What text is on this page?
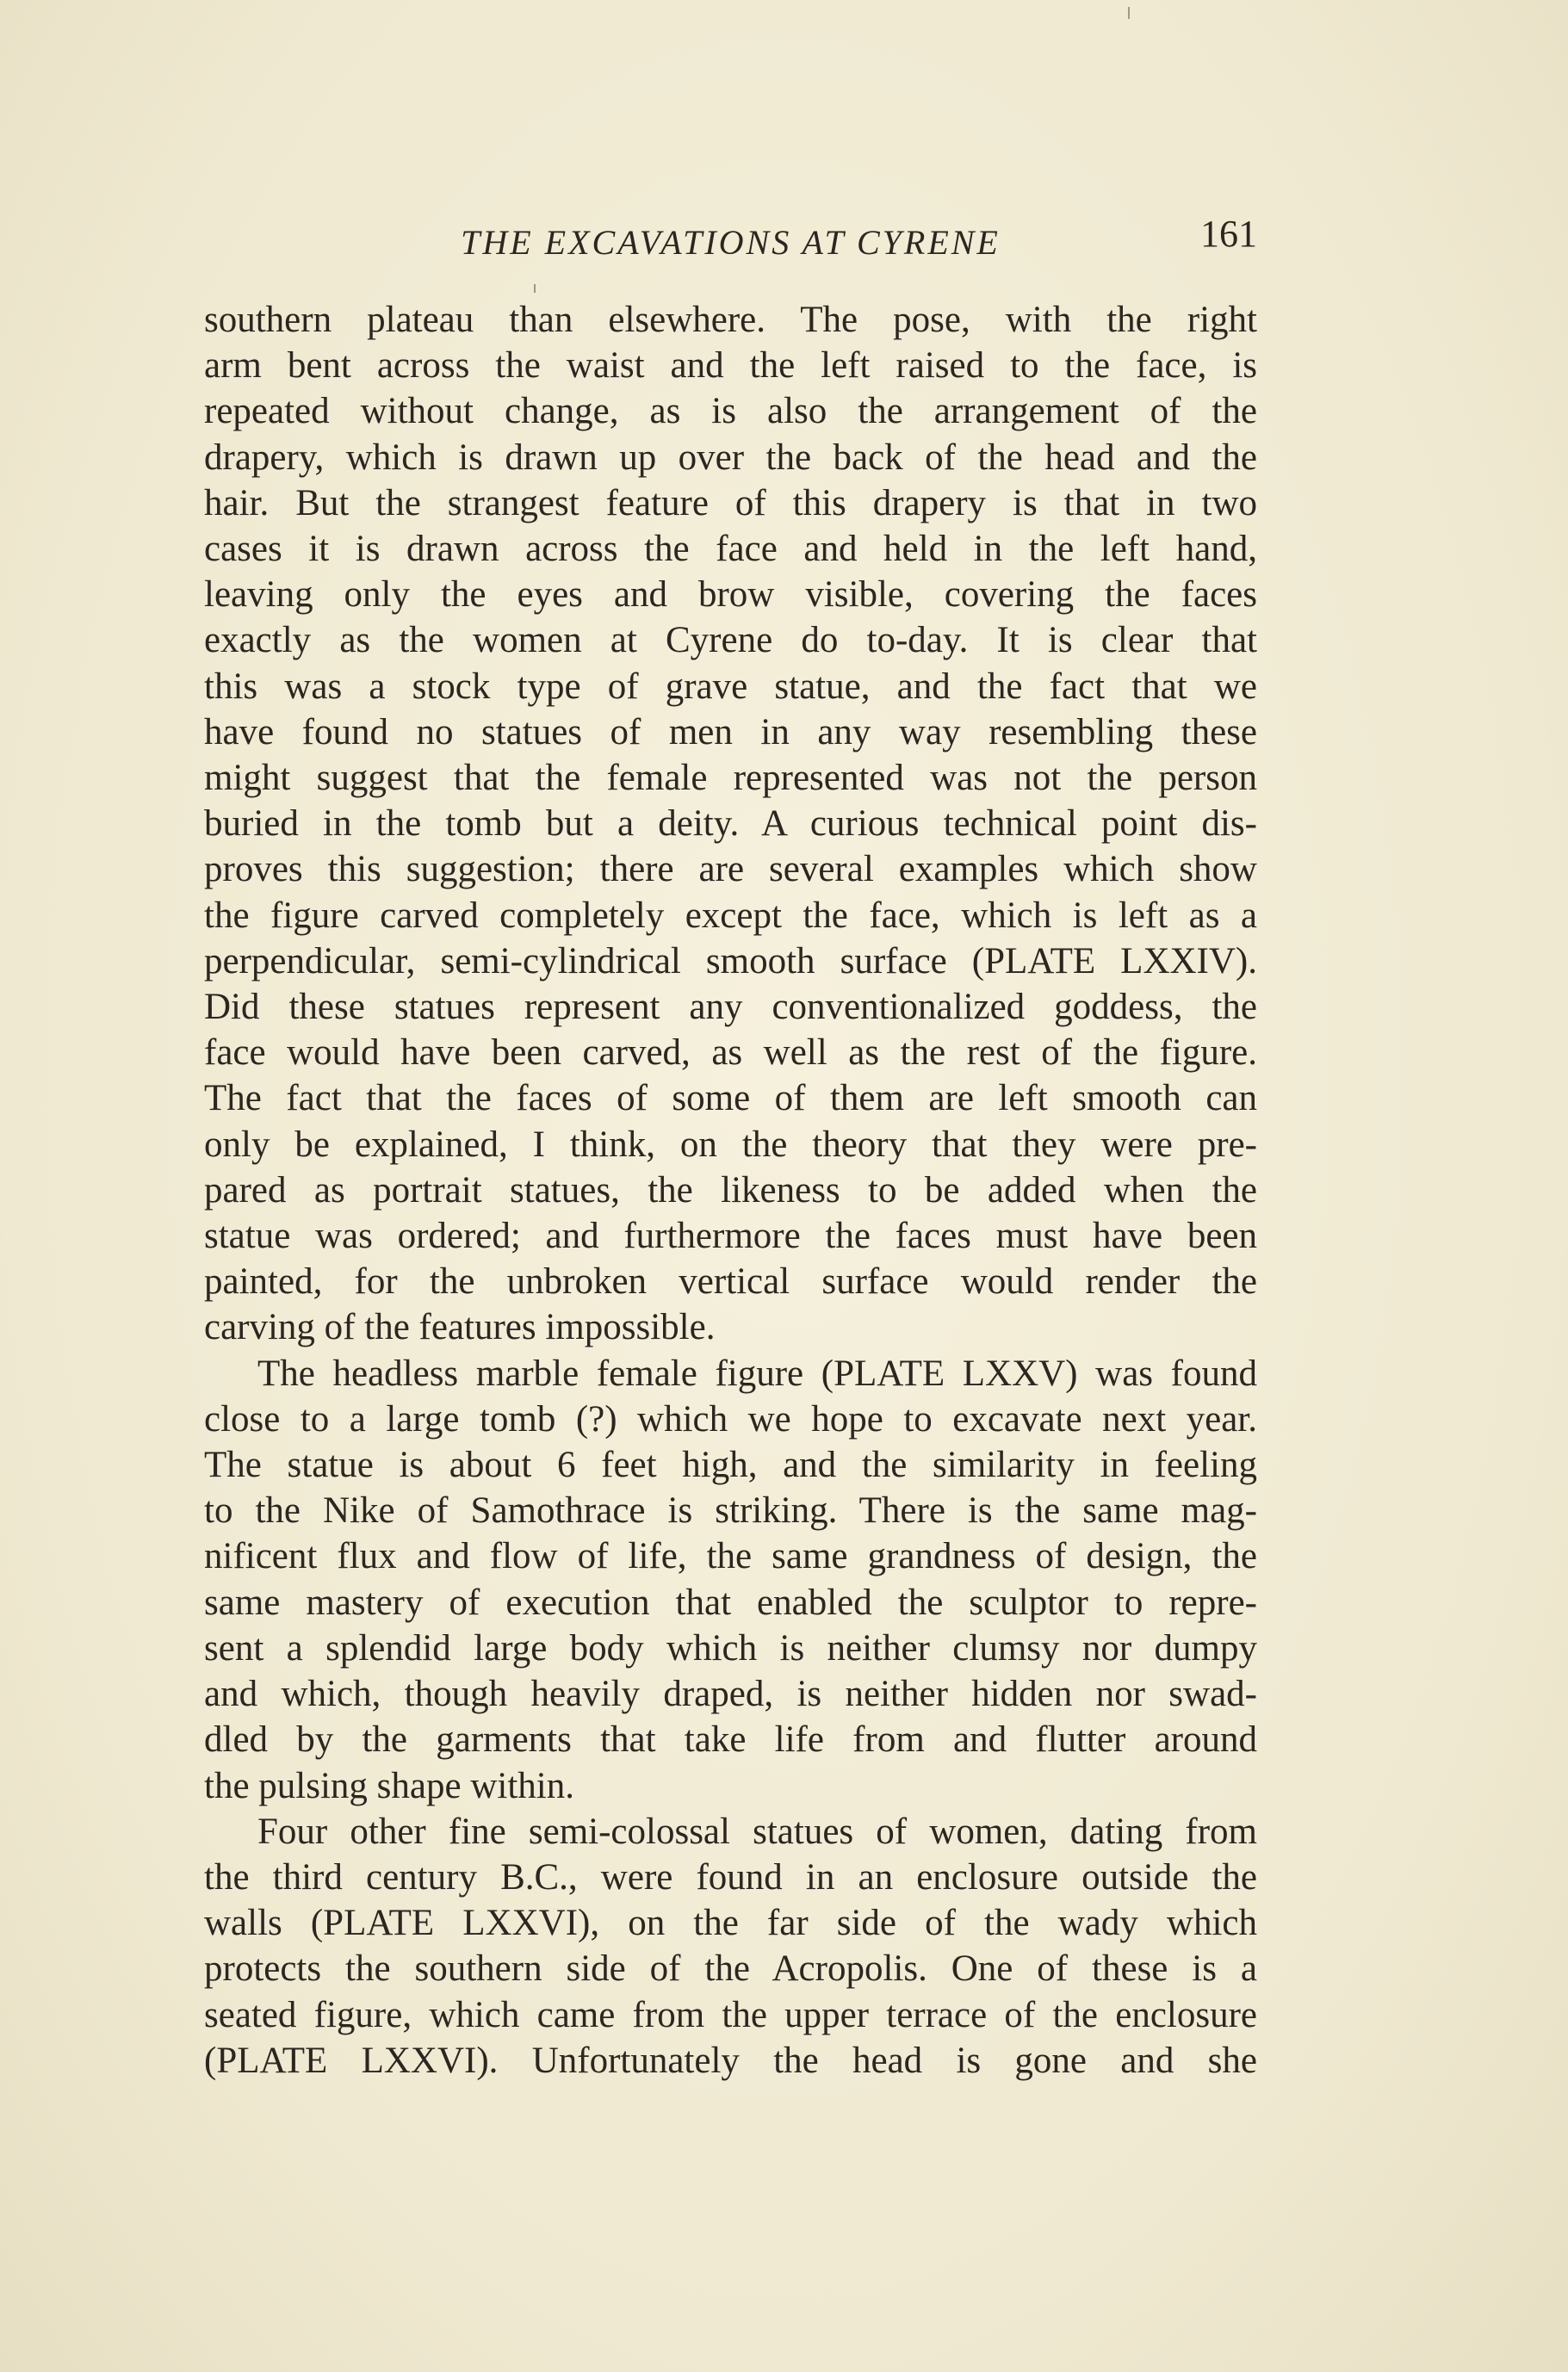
THE EXCAVATIONS AT CYRENE	161

southern plateau than elsewhere. The pose, with the right

arm bent across the waist and the left raised to the face, is

repeated without change, as is also the arrangement of the

drapery, which is drawn up over the back of the head and the

hair. But the strangest feature of this drapery is that in two

cases it is drawn across the face and held in the left hand,

leaving only the eyes and brow visible, covering the faces

exactly as the women at Cyrene do to-day. It is clear that

this was a stock type of grave statue, and the fact that we

have found no statues of men in any way resembling these

might suggest that the female represented was not the person

buried in the tomb but a deity. A curious technical point dis-

proves this suggestion; there are several examples which show

the figure carved completely except the face, which is left as a

perpendicular, semi-cylindrical smooth surface (PLATE LXXIV).

Did these statues represent any conventionalized goddess, the

face would have been carved, as well as the rest of the figure.

The fact that the faces of some of them are left smooth can

only be explained, I think, on the theory that they were pre-

pared as portrait statues, the likeness to be added when the

statue was ordered; and furthermore the faces must have been

painted, for the unbroken vertical surface would render the

carving of the features impossible.

The headless marble female figure (PLATE LXXV) was found

close to a large tomb (?) which we hope to excavate next year.

The statue is about 6 feet high, and the similarity in feeling

to the Nike of Samothrace is striking. There is the same mag-

nificent flux and flow of life, the same grandness of design, the

same mastery of execution that enabled the sculptor to repre-

sent a splendid large body which is neither clumsy nor dumpy

and which, though heavily draped, is neither hidden nor swad-

dled by the garments that take life from and flutter around

the pulsing shape within.

Four other fine semi-colossal statues of women, dating from

the third century B.C., were found in an enclosure outside the

walls (PLATE LXXVI), on the far side of the wady which

protects the southern side of the Acropolis. One of these is a

seated figure, which came from the upper terrace of the enclosure

(PLATE LXXVI). Unfortunately the head is gone and she
